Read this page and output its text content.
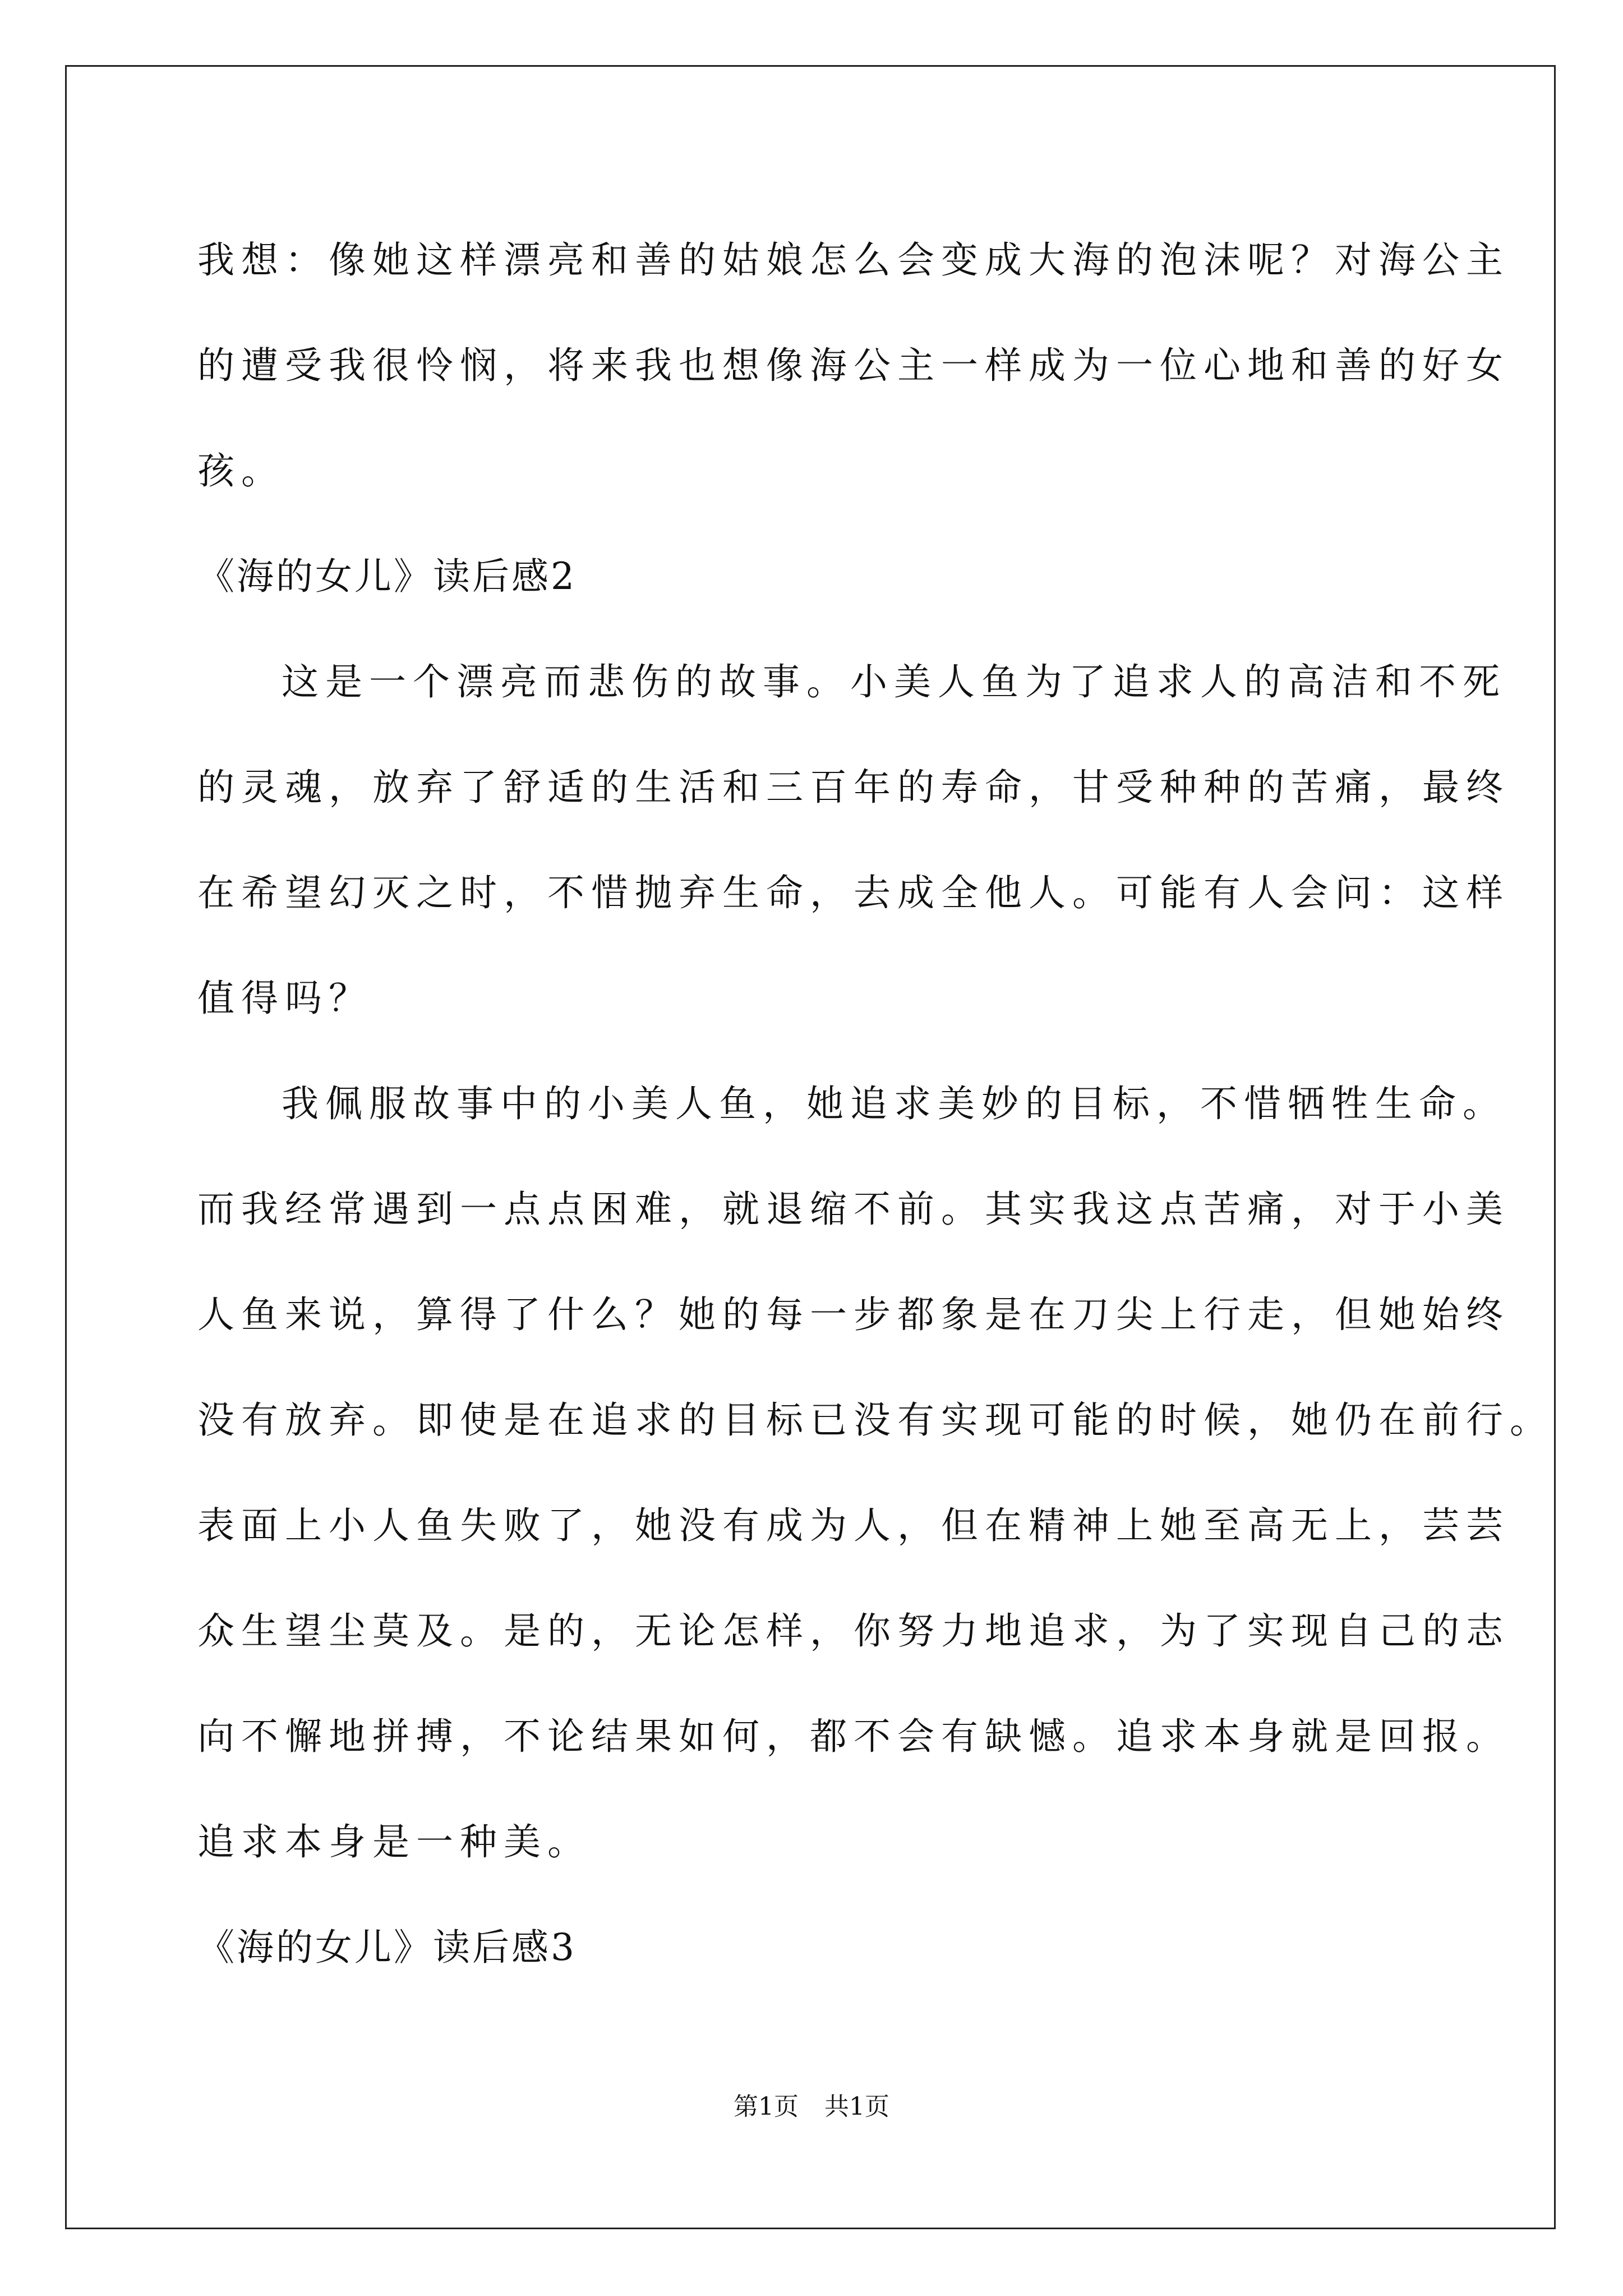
我想：像她这样漂亮和善的姑娘怎么会变成大海的泡沫呢？对海公主
的遭受我很怜悯，将来我也想像海公主一样成为一位心地和善的好女
孩。
《海的女儿》读后感2
这是一个漂亮而悲伤的故事。小美人鱼为了追求人的高洁和不死
的灵魂，放弃了舒适的生活和三百年的寿命，甘受种种的苦痛，最终
在希望幻灭之时，不惜抛弃生命，去成全他人。可能有人会问：这样
值得吗？
我佩服故事中的小美人鱼，她追求美妙的目标，不惜牺牲生命。
而我经常遇到一点点困难，就退缩不前。其实我这点苦痛，对于小美
人鱼来说，算得了什么？她的每一步都象是在刀尖上行走，但她始终
没有放弃。即使是在追求的目标已没有实现可能的时候，她仍在前行。
表面上小人鱼失败了，她没有成为人，但在精神上她至高无上，芸芸
众生望尘莫及。是的，无论怎样，你努力地追求，为了实现自己的志
向不懈地拼搏，不论结果如何，都不会有缺憾。追求本身就是回报。
追求本身是一种美。
《海的女儿》读后感3
第1页 共1页
